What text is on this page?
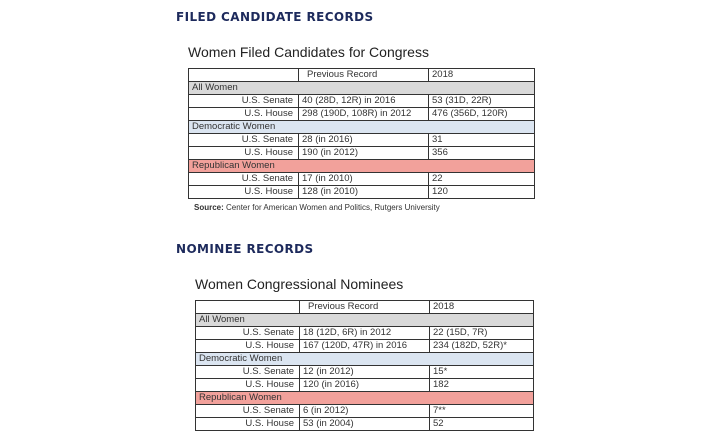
FILED CANDIDATE RECORDS
Women Filed Candidates for Congress
	Previous Record	2018
All Women		
U.S. Senate	40 (28D, 12R) in 2016	53 (31D, 22R)
U.S. House	298 (190D, 108R) in 2012	476 (356D, 120R)
Democratic Women		
U.S. Senate	28 (in 2016)	31
U.S. House	190 (in 2012)	356
Republican Women		
U.S. Senate	17 (in 2010)	22
U.S. House	128 (in 2010)	120
Source: Center for American Women and Politics, Rutgers University
NOMINEE RECORDS
Women Congressional Nominees
	Previous Record	2018
All Women		
U.S. Senate	18 (12D, 6R) in 2012	22 (15D, 7R)
U.S. House	167 (120D, 47R) in 2016	234 (182D, 52R)*
Democratic Women		
U.S. Senate	12 (in 2012)	15*
U.S. House	120 (in 2016)	182
Republican Women		
U.S. Senate	6 (in 2012)	7**
U.S. House	53 (in 2004)	52
